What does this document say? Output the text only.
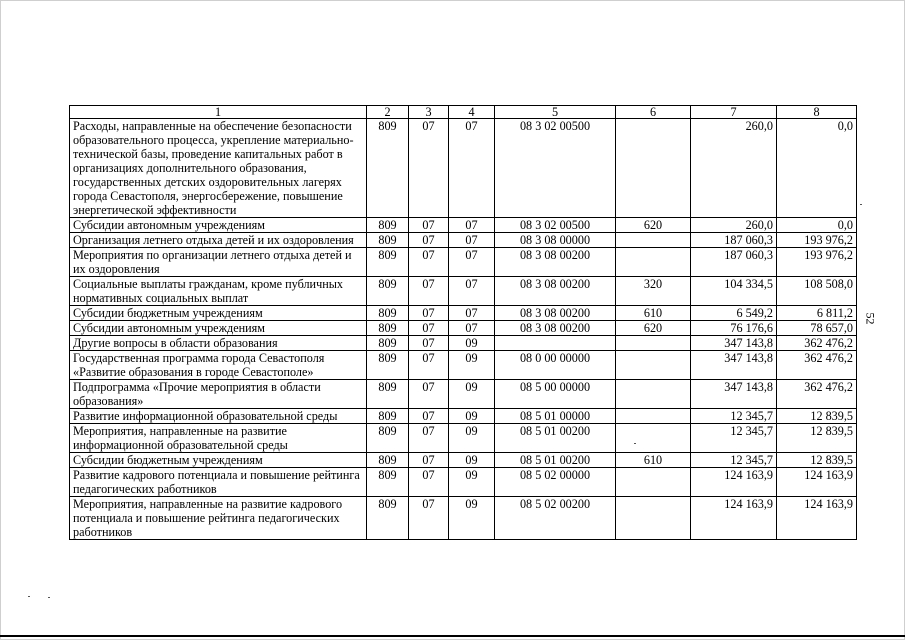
1	2	3	4	5	6	7	8
Расходы, направленные на обеспечение безопасности образовательного процесса, укрепление материально-технической базы, проведение капитальных работ в организациях дополнительного образования, государственных детских оздоровительных лагерях города Севастополя, энергосбережение, повышение энергетической эффективности	809	07	07	08 3 02 00500		260,0	0,0
Субсидии автономным учреждениям	809	07	07	08 3 02 00500	620	260,0	0,0
Организация летнего отдыха детей и их оздоровления	809	07	07	08 3 08 00000		187 060,3	193 976,2
Мероприятия по организации летнего отдыха детей и их оздоровления	809	07	07	08 3 08 00200		187 060,3	193 976,2
Социальные выплаты гражданам, кроме публичных нормативных социальных выплат	809	07	07	08 3 08 00200	320	104 334,5	108 508,0
Субсидии бюджетным учреждениям	809	07	07	08 3 08 00200	610	6 549,2	6 811,2
Субсидии автономным учреждениям	809	07	07	08 3 08 00200	620	76 176,6	78 657,0
Другие вопросы в области образования	809	07	09			347 143,8	362 476,2
Государственная программа города Севастополя «Развитие образования в городе Севастополе»	809	07	09	08 0 00 00000		347 143,8	362 476,2
Подпрограмма «Прочие мероприятия в области образования»	809	07	09	08 5 00 00000		347 143,8	362 476,2
Развитие информационной образовательной среды	809	07	09	08 5 01 00000		12 345,7	12 839,5
Мероприятия, направленные на развитие информационной образовательной среды	809	07	09	08 5 01 00200		12 345,7	12 839,5
Субсидии бюджетным учреждениям	809	07	09	08 5 01 00200	610	12 345,7	12 839,5
Развитие кадрового потенциала и повышение рейтинга педагогических работников	809	07	09	08 5 02 00000		124 163,9	124 163,9
Мероприятия, направленные на развитие кадрового потенциала и повышение рейтинга педагогических работников	809	07	09	08 5 02 00200		124 163,9	124 163,9
52
